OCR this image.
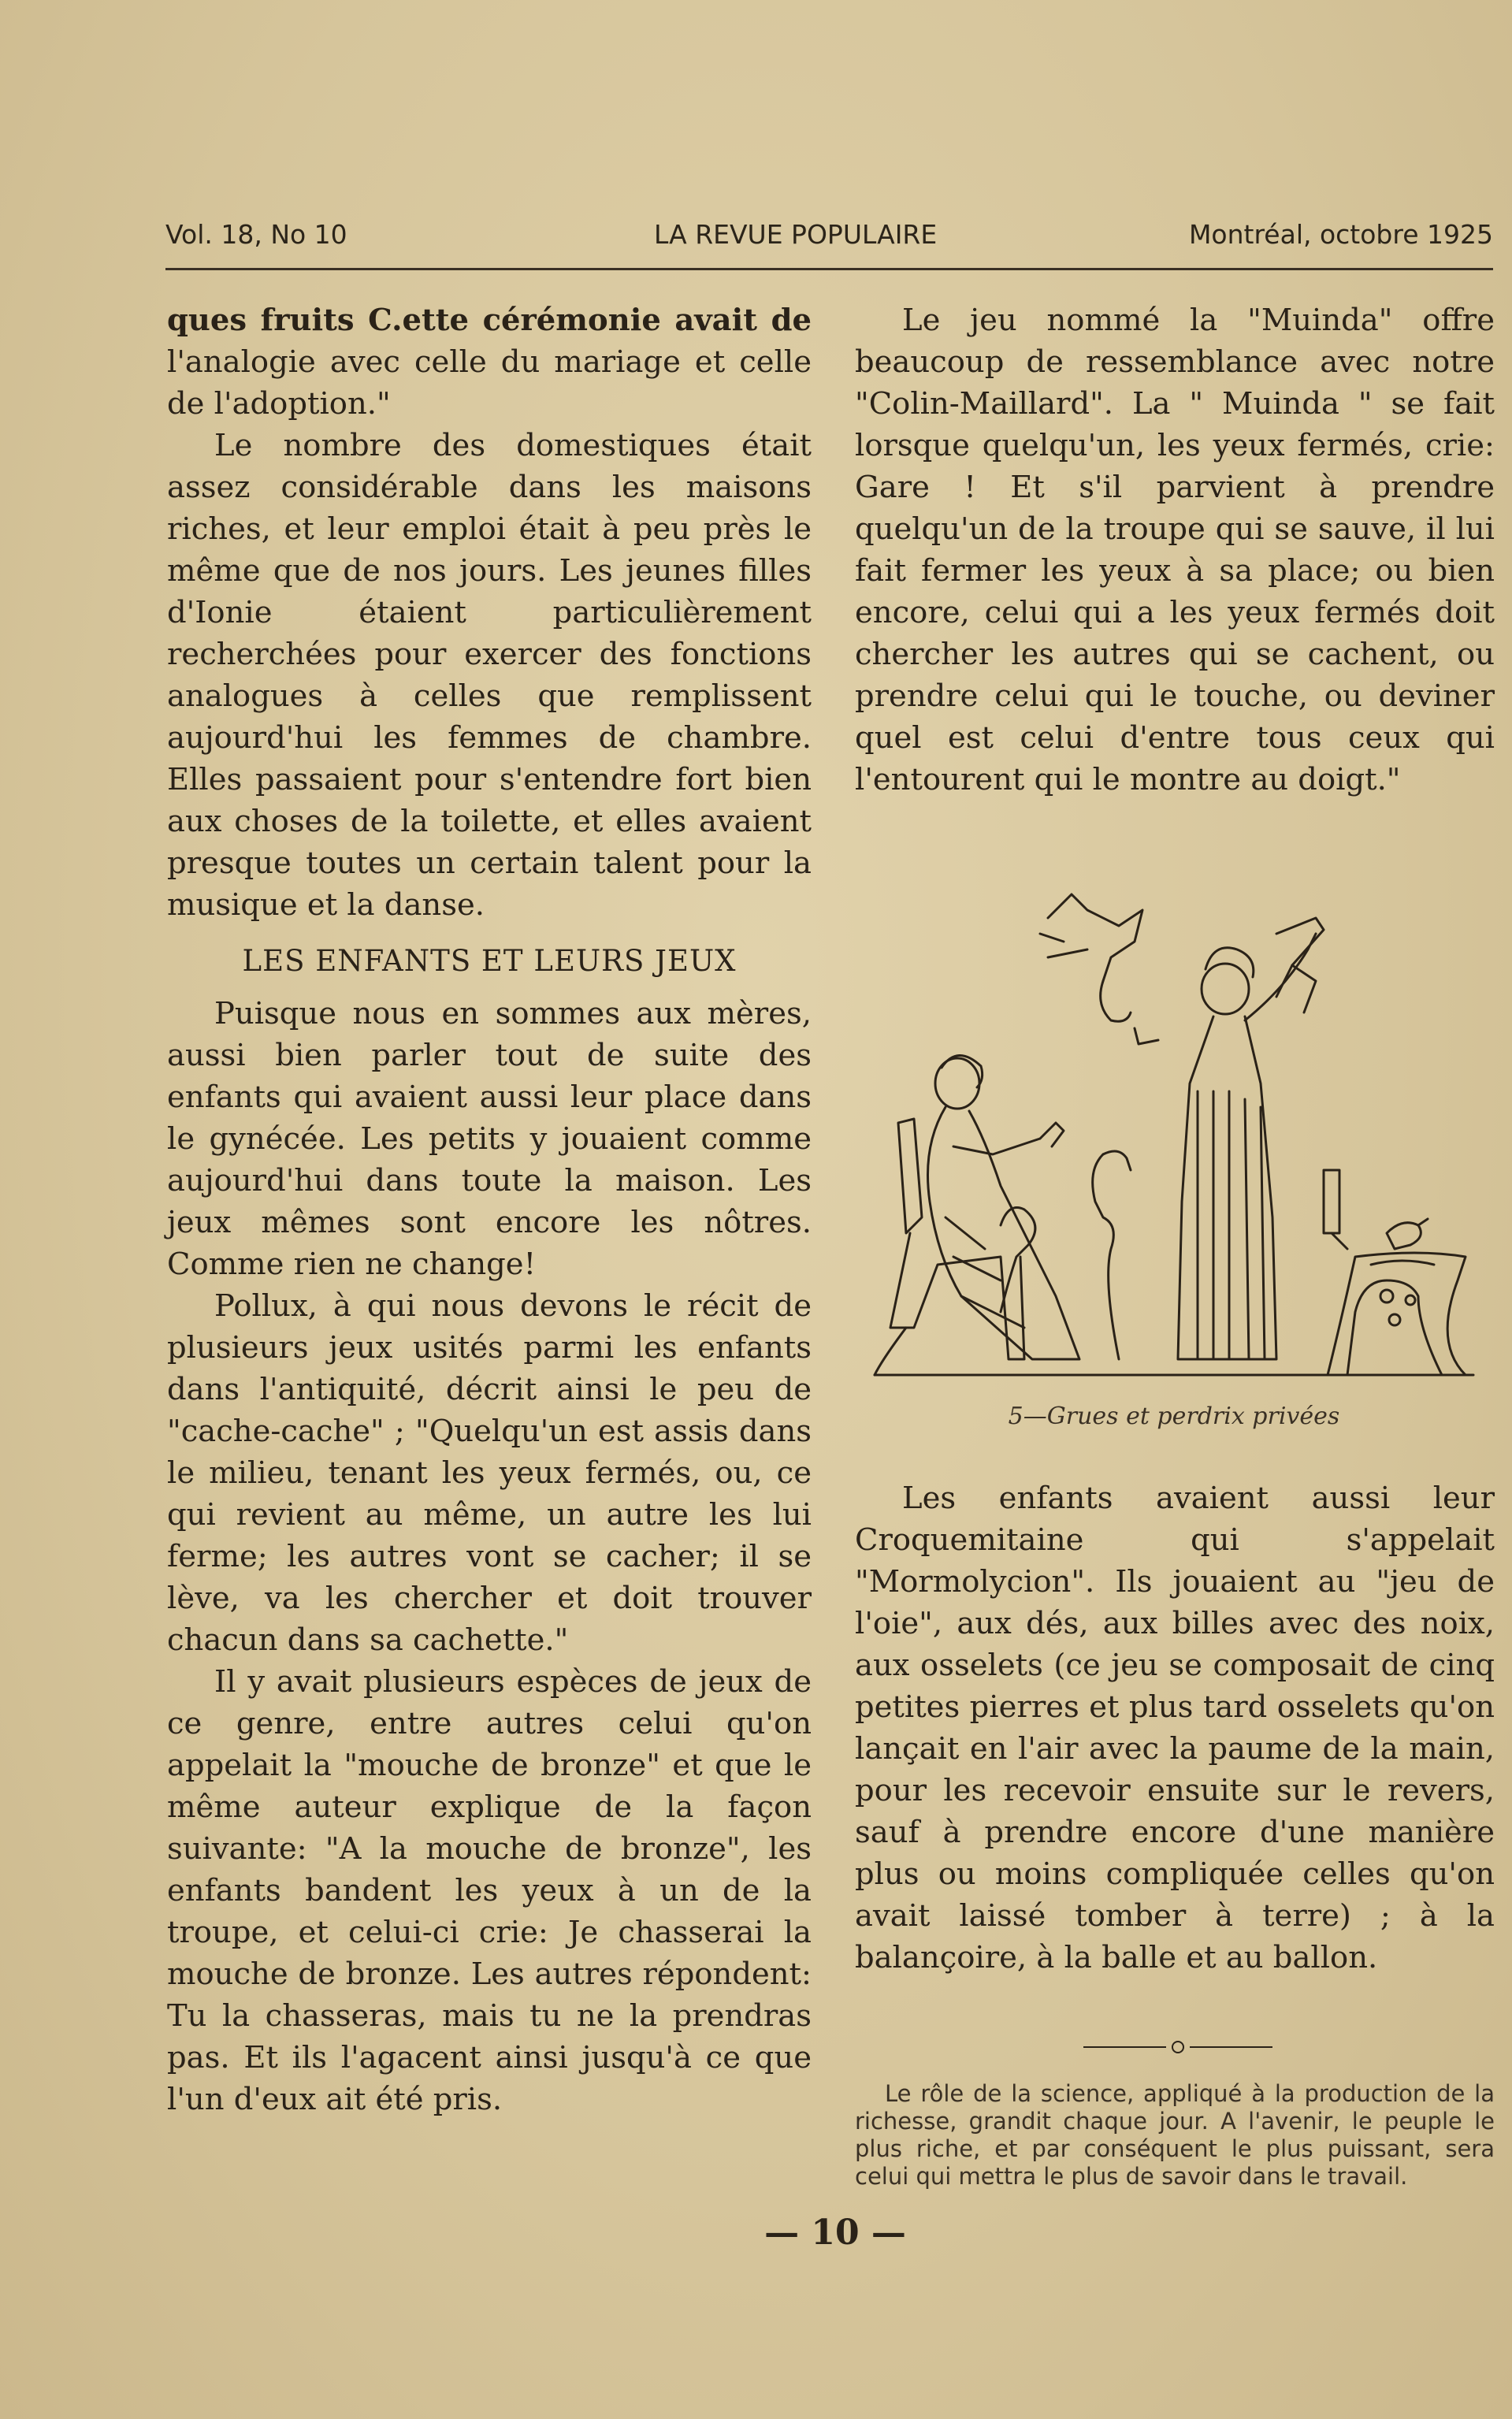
Vol. 18, No 10	LA REVUE POPULAIRE	Montréal, octobre 1925

ques fruits C.ette cérémonie avait de l'analogie avec celle du mariage et celle de l'adoption."

Le nombre des domestiques était assez considérable dans les maisons riches, et leur emploi était à peu près le même que de nos jours. Les jeunes filles d'Ionie étaient particulièrement recherchées pour exercer des fonctions analogues à celles que remplissent aujourd'hui les femmes de chambre. Elles passaient pour s'entendre fort bien aux choses de la toilette, et elles avaient presque toutes un certain talent pour la musique et la danse.

LES ENFANTS ET LEURS JEUX

Puisque nous en sommes aux mères, aussi bien parler tout de suite des enfants qui avaient aussi leur place dans le gynécée. Les petits y jouaient comme aujourd'hui dans toute la maison. Les jeux mêmes sont encore les nôtres. Comme rien ne change!

Pollux, à qui nous devons le récit de plusieurs jeux usités parmi les enfants dans l'antiquité, décrit ainsi le peu de "cache-cache" ; "Quelqu'un est assis dans le milieu, tenant les yeux fermés, ou, ce qui revient au même, un autre les lui ferme; les autres vont se cacher; il se lève, va les chercher et doit trouver chacun dans sa cachette."

Il y avait plusieurs espèces de jeux de ce genre, entre autres celui qu'on appelait la "mouche de bronze" et que le même auteur explique de la façon suivante: "A la mouche de bronze", les enfants bandent les yeux à un de la troupe, et celui-ci crie: Je chasserai la mouche de bronze. Les autres répondent: Tu la chasseras, mais tu ne la prendras pas. Et ils l'agacent ainsi jusqu'à ce que l'un d'eux ait été pris.

Le jeu nommé la "Muinda" offre beaucoup de ressemblance avec notre "Colin-Maillard". La " Muinda " se fait lorsque quelqu'un, les yeux fermés, crie: Gare ! Et s'il parvient à prendre quelqu'un de la troupe qui se sauve, il lui fait fermer les yeux à sa place; ou bien encore, celui qui a les yeux fermés doit chercher les autres qui se cachent, ou prendre celui qui le touche, ou deviner quel est celui d'entre tous ceux qui l'entourent qui le montre au doigt."

5—Grues et perdrix privées

Les enfants avaient aussi leur Croquemitaine qui s'appelait "Mormolycion". Ils jouaient au "jeu de l'oie", aux dés, aux billes avec des noix, aux osselets (ce jeu se composait de cinq petites pierres et plus tard osselets qu'on lançait en l'air avec la paume de la main, pour les recevoir ensuite sur le revers, sauf à prendre encore d'une manière plus ou moins compliquée celles qu'on avait laissé tomber à terre) ; à la balançoire, à la balle et au ballon.

Le rôle de la science, appliqué à la production de la richesse, grandit chaque jour. A l'avenir, le peuple le plus riche, et par conséquent le plus puissant, sera celui qui mettra le plus de savoir dans le travail.

— 10 —
